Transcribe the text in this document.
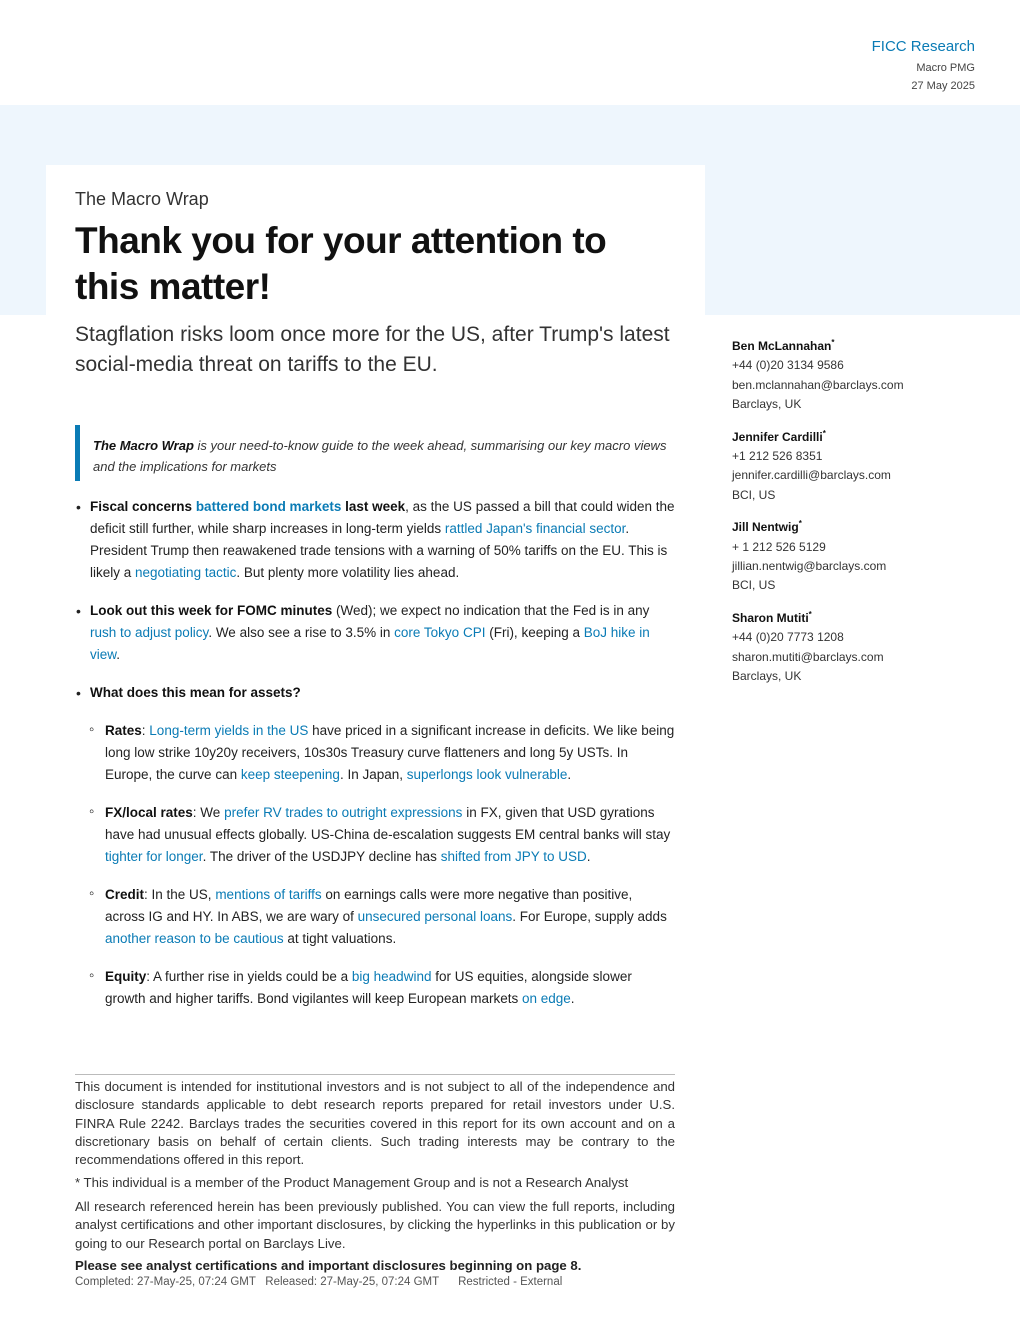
FICC Research
Macro PMG
27 May 2025
The Macro Wrap
Thank you for your attention to this matter!
Stagflation risks loom once more for the US, after Trump's latest social-media threat on tariffs to the EU.
The Macro Wrap is your need-to-know guide to the week ahead, summarising our key macro views and the implications for markets
• Fiscal concerns battered bond markets last week, as the US passed a bill that could widen the deficit still further, while sharp increases in long-term yields rattled Japan's financial sector. President Trump then reawakened trade tensions with a warning of 50% tariffs on the EU. This is likely a negotiating tactic. But plenty more volatility lies ahead.
• Look out this week for FOMC minutes (Wed); we expect no indication that the Fed is in any rush to adjust policy. We also see a rise to 3.5% in core Tokyo CPI (Fri), keeping a BoJ hike in view.
• What does this mean for assets?
◦ Rates: Long-term yields in the US have priced in a significant increase in deficits. We like being long low strike 10y20y receivers, 10s30s Treasury curve flatteners and long 5y USTs. In Europe, the curve can keep steepening. In Japan, superlongs look vulnerable.
◦ FX/local rates: We prefer RV trades to outright expressions in FX, given that USD gyrations have had unusual effects globally. US-China de-escalation suggests EM central banks will stay tighter for longer. The driver of the USDJPY decline has shifted from JPY to USD.
◦ Credit: In the US, mentions of tariffs on earnings calls were more negative than positive, across IG and HY. In ABS, we are wary of unsecured personal loans. For Europe, supply adds another reason to be cautious at tight valuations.
◦ Equity: A further rise in yields could be a big headwind for US equities, alongside slower growth and higher tariffs. Bond vigilantes will keep European markets on edge.
Ben McLannahan*
+44 (0)20 3134 9586
ben.mclannahan@barclays.com
Barclays, UK
Jennifer Cardilli*
+1 212 526 8351
jennifer.cardilli@barclays.com
BCI, US
Jill Nentwig*
+ 1 212 526 5129
jillian.nentwig@barclays.com
BCI, US
Sharon Mutiti*
+44 (0)20 7773 1208
sharon.mutiti@barclays.com
Barclays, UK
This document is intended for institutional investors and is not subject to all of the independence and disclosure standards applicable to debt research reports prepared for retail investors under U.S. FINRA Rule 2242. Barclays trades the securities covered in this report for its own account and on a discretionary basis on behalf of certain clients. Such trading interests may be contrary to the recommendations offered in this report.
* This individual is a member of the Product Management Group and is not a Research Analyst
All research referenced herein has been previously published. You can view the full reports, including analyst certifications and other important disclosures, by clicking the hyperlinks in this publication or by going to our Research portal on Barclays Live.
Please see analyst certifications and important disclosures beginning on page 8.
Completed: 27-May-25, 07:24 GMT Released: 27-May-25, 07:24 GMT Restricted - External
